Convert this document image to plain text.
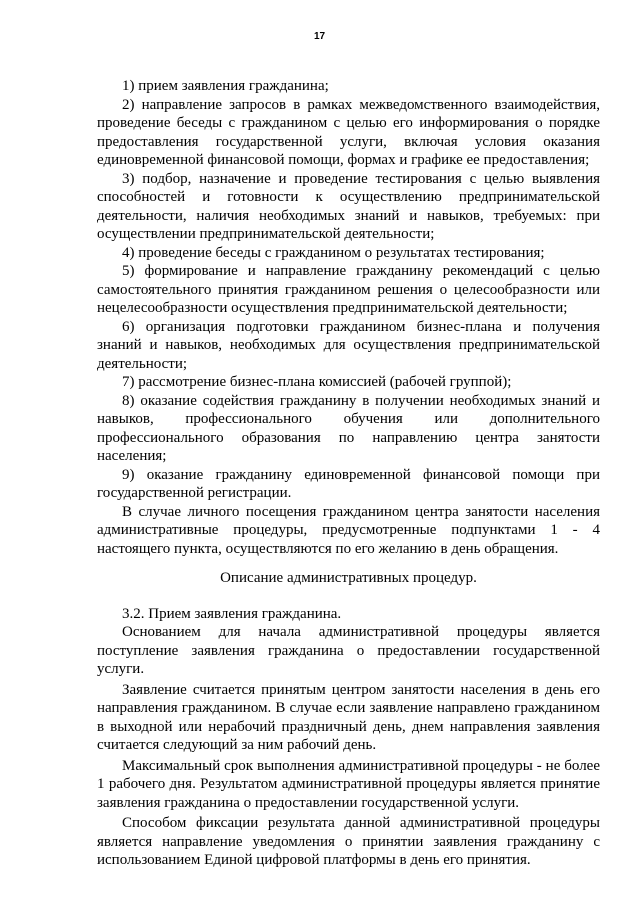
17

1) прием заявления гражданина;

2) направление запросов в рамках межведомственного взаимодействия, проведение беседы с гражданином с целью его информирования о порядке предоставления государственной услуги, включая условия оказания единовременной финансовой помощи, формах и графике ее предоставления;

3) подбор, назначение и проведение тестирования с целью выявления способностей и готовности к осуществлению предпринимательской деятельности, наличия необходимых знаний и навыков, требуемых: при осуществлении предпринимательской деятельности;

4) проведение беседы с гражданином о результатах тестирования;

5) формирование и направление гражданину рекомендаций с целью самостоятельного принятия гражданином решения о целесообразности или нецелесообразности осуществления предпринимательской деятельности;

6) организация подготовки гражданином бизнес-плана и получения знаний и навыков, необходимых для осуществления предпринимательской деятельности;

7) рассмотрение бизнес-плана комиссией (рабочей группой);

8) оказание содействия гражданину в получении необходимых знаний и навыков, профессионального обучения или дополнительного профессионального образования по направлению центра занятости населения;

9) оказание гражданину единовременной финансовой помощи при государственной регистрации.

В случае личного посещения гражданином центра занятости населения административные процедуры, предусмотренные подпунктами 1 - 4 настоящего пункта, осуществляются по его желанию в день обращения.

Описание административных процедур.

3.2. Прием заявления гражданина.

Основанием для начала административной процедуры является поступление заявления гражданина о предоставлении государственной услуги.

Заявление считается принятым центром занятости населения в день его направления гражданином. В случае если заявление направлено гражданином в выходной или нерабочий праздничный день, днем направления заявления считается следующий за ним рабочий день.

Максимальный срок выполнения административной процедуры - не более 1 рабочего дня. Результатом административной процедуры является принятие заявления гражданина о предоставлении государственной услуги.

Способом фиксации результата данной административной процедуры является направление уведомления о принятии заявления гражданину с использованием Единой цифровой платформы в день его принятия.
